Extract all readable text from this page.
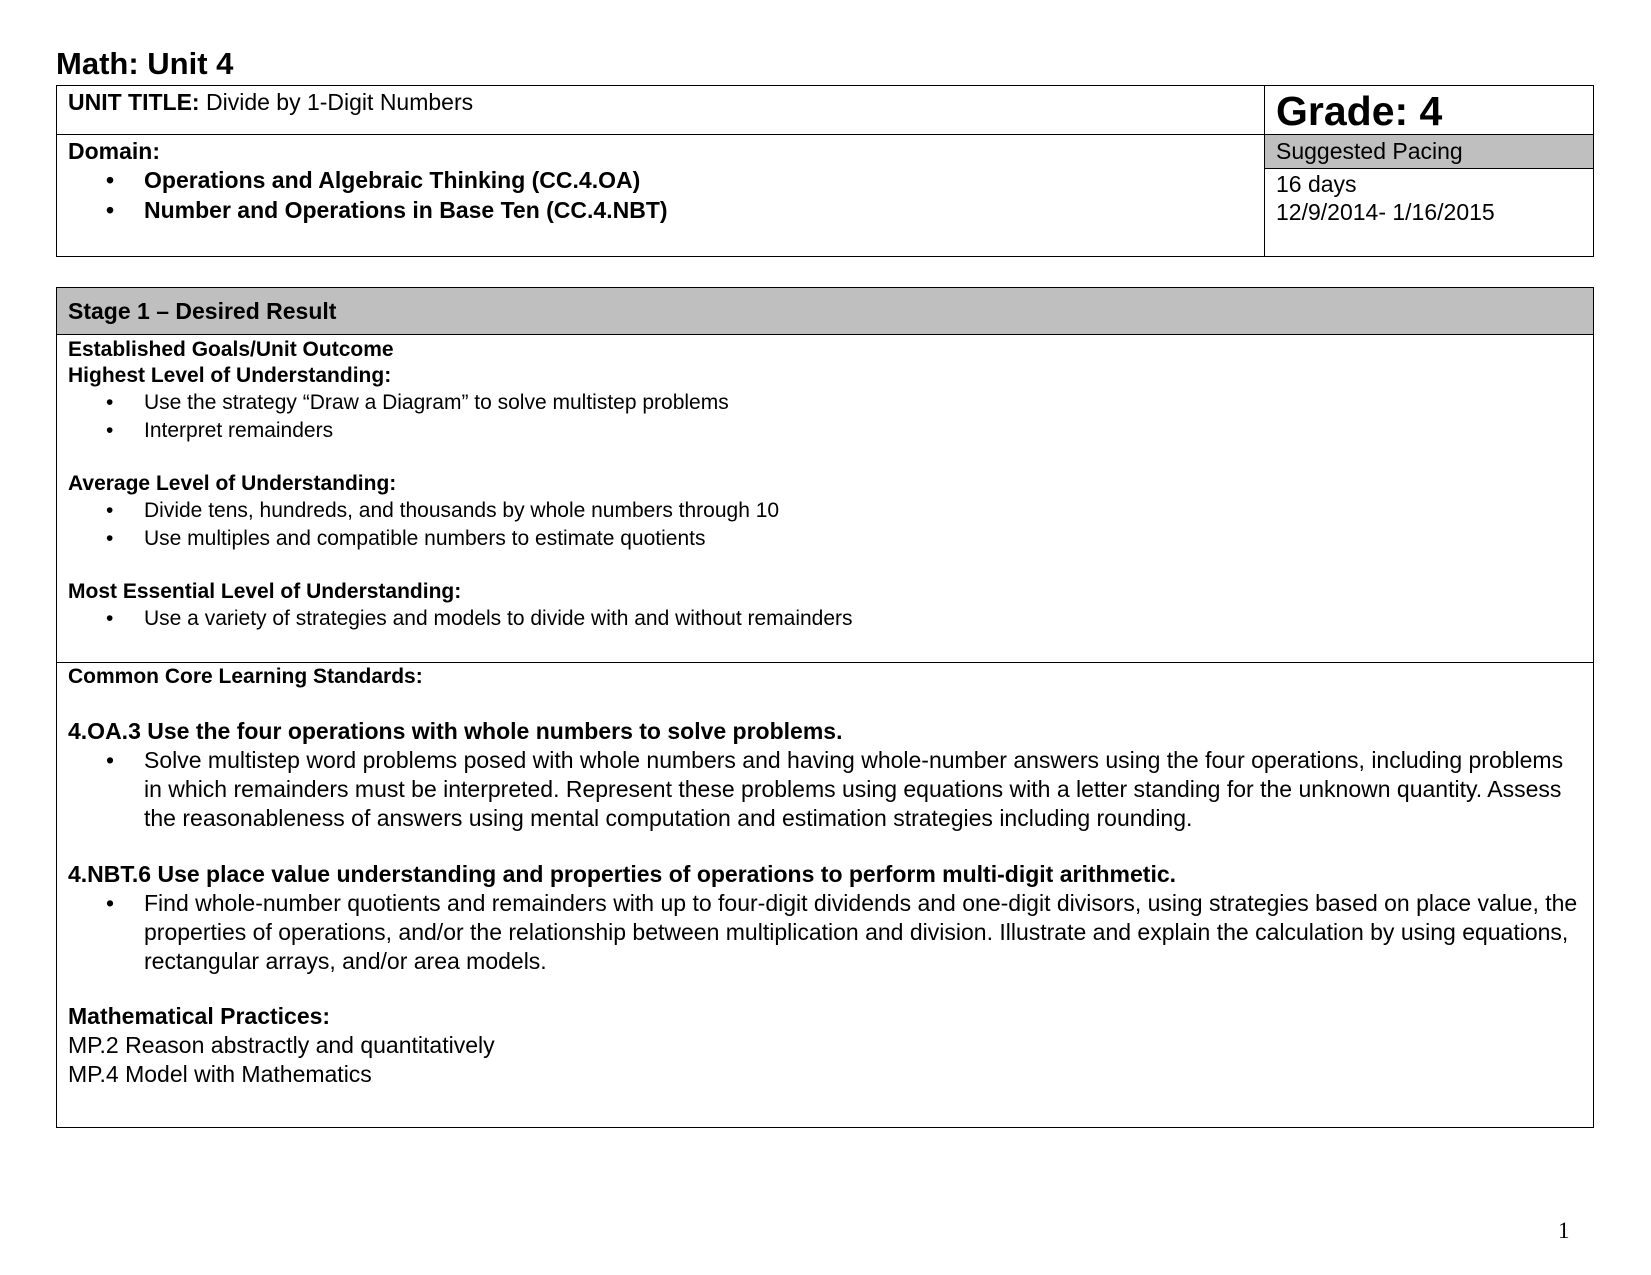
Math: Unit 4
UNIT TITLE: Divide by 1-Digit Numbers
Domain:
• Operations and Algebraic Thinking (CC.4.OA)
• Number and Operations in Base Ten (CC.4.NBT)
Grade: 4
Suggested Pacing
16 days
12/9/2014- 1/16/2015
Stage 1 – Desired Result
Established Goals/Unit Outcome
Highest Level of Understanding:
• Use the strategy “Draw a Diagram” to solve multistep problems
• Interpret remainders
Average Level of Understanding:
• Divide tens, hundreds, and thousands by whole numbers through 10
• Use multiples and compatible numbers to estimate quotients
Most Essential Level of Understanding:
• Use a variety of strategies and models to divide with and without remainders
Common Core Learning Standards:
4.OA.3 Use the four operations with whole numbers to solve problems.
• Solve multistep word problems posed with whole numbers and having whole-number answers using the four operations, including problems in which remainders must be interpreted. Represent these problems using equations with a letter standing for the unknown quantity. Assess the reasonableness of answers using mental computation and estimation strategies including rounding.
4.NBT.6 Use place value understanding and properties of operations to perform multi-digit arithmetic.
• Find whole-number quotients and remainders with up to four-digit dividends and one-digit divisors, using strategies based on place value, the properties of operations, and/or the relationship between multiplication and division. Illustrate and explain the calculation by using equations, rectangular arrays, and/or area models.
Mathematical Practices:
MP.2 Reason abstractly and quantitatively
MP.4 Model with Mathematics
1
